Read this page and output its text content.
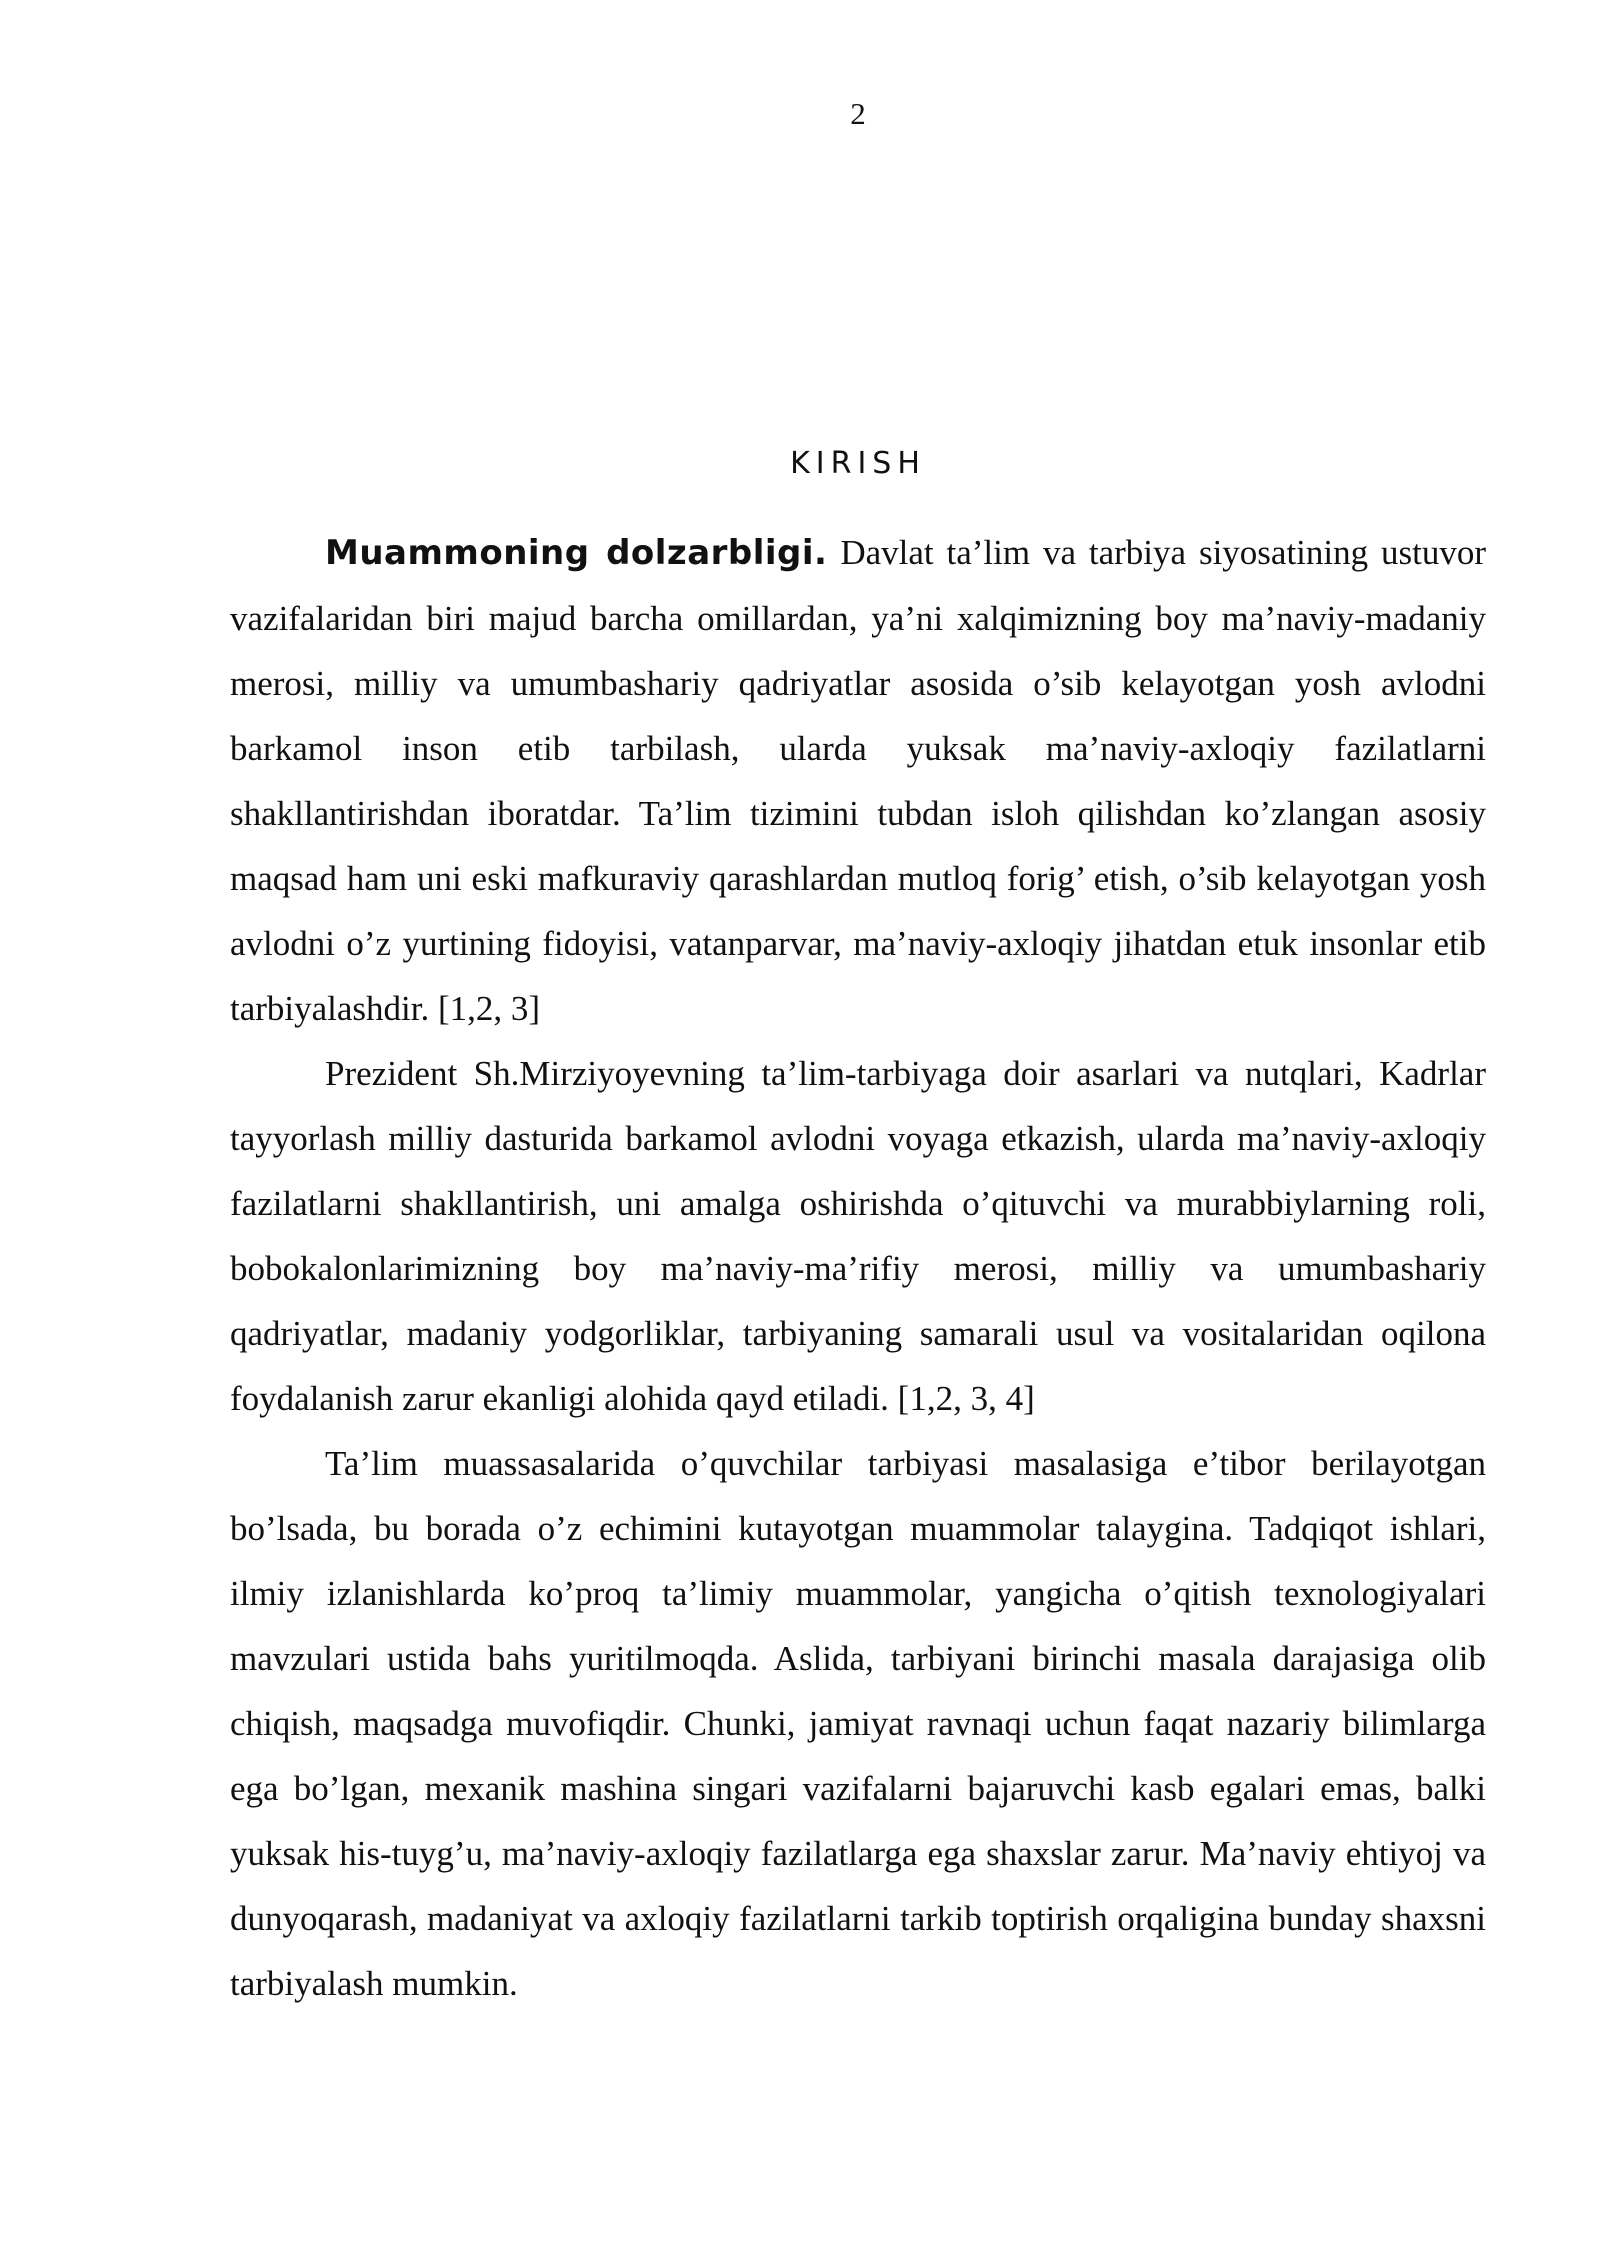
2
KIRISH

Muammoning dolzarbligi. Davlat ta’lim va tarbiya siyosatining ustuvor vazifalaridan biri majud barcha omillardan, ya’ni xalqimizning boy ma’naviy-madaniy merosi, milliy va umumbashariy qadriyatlar asosida o’sib kelayotgan yosh avlodni barkamol inson etib tarbilash, ularda yuksak ma’naviy-axloqiy fazilatlarni shakllantirishdan iboratdar. Ta’lim tizimini tubdan isloh qilishdan ko’zlangan asosiy maqsad ham uni eski mafkuraviy qarashlardan mutloq forig’ etish, o’sib kelayotgan yosh avlodni o’z yurtining fidoyisi, vatanparvar, ma’naviy-axloqiy jihatdan etuk insonlar etib tarbiyalashdir. [1,2, 3]

Prezident Sh.Mirziyoyevning ta’lim-tarbiyaga doir asarlari va nutqlari, Kadrlar tayyorlash milliy dasturida barkamol avlodni voyaga etkazish, ularda ma’naviy-axloqiy fazilatlarni shakllantirish, uni amalga oshirishda o’qituvchi va murabbiylarning roli, bobokalonlarimizning boy ma’naviy-ma’rifiy merosi, milliy va umumbashariy qadriyatlar, madaniy yodgorliklar, tarbiyaning samarali usul va vositalaridan oqilona foydalanish zarur ekanligi alohida qayd etiladi. [1,2, 3, 4]

Ta’lim muassasalarida o’quvchilar tarbiyasi masalasiga e’tibor berilayotgan bo’lsada, bu borada o’z echimini kutayotgan muammolar talaygina. Tadqiqot ishlari, ilmiy izlanishlarda ko’proq ta’limiy muammolar, yangicha o’qitish texnologiyalari mavzulari ustida bahs yuritilmoqda. Aslida, tarbiyani birinchi masala darajasiga olib chiqish, maqsadga muvofiqdir. Chunki, jamiyat ravnaqi uchun faqat nazariy bilimlarga ega bo’lgan, mexanik mashina singari vazifalarni bajaruvchi kasb egalari emas, balki yuksak his-tuyg’u, ma’naviy-axloqiy fazilatlarga ega shaxslar zarur. Ma’naviy ehtiyoj va dunyoqarash, madaniyat va axloqiy fazilatlarni tarkib toptirish orqaligina bunday shaxsni tarbiyalash mumkin.
